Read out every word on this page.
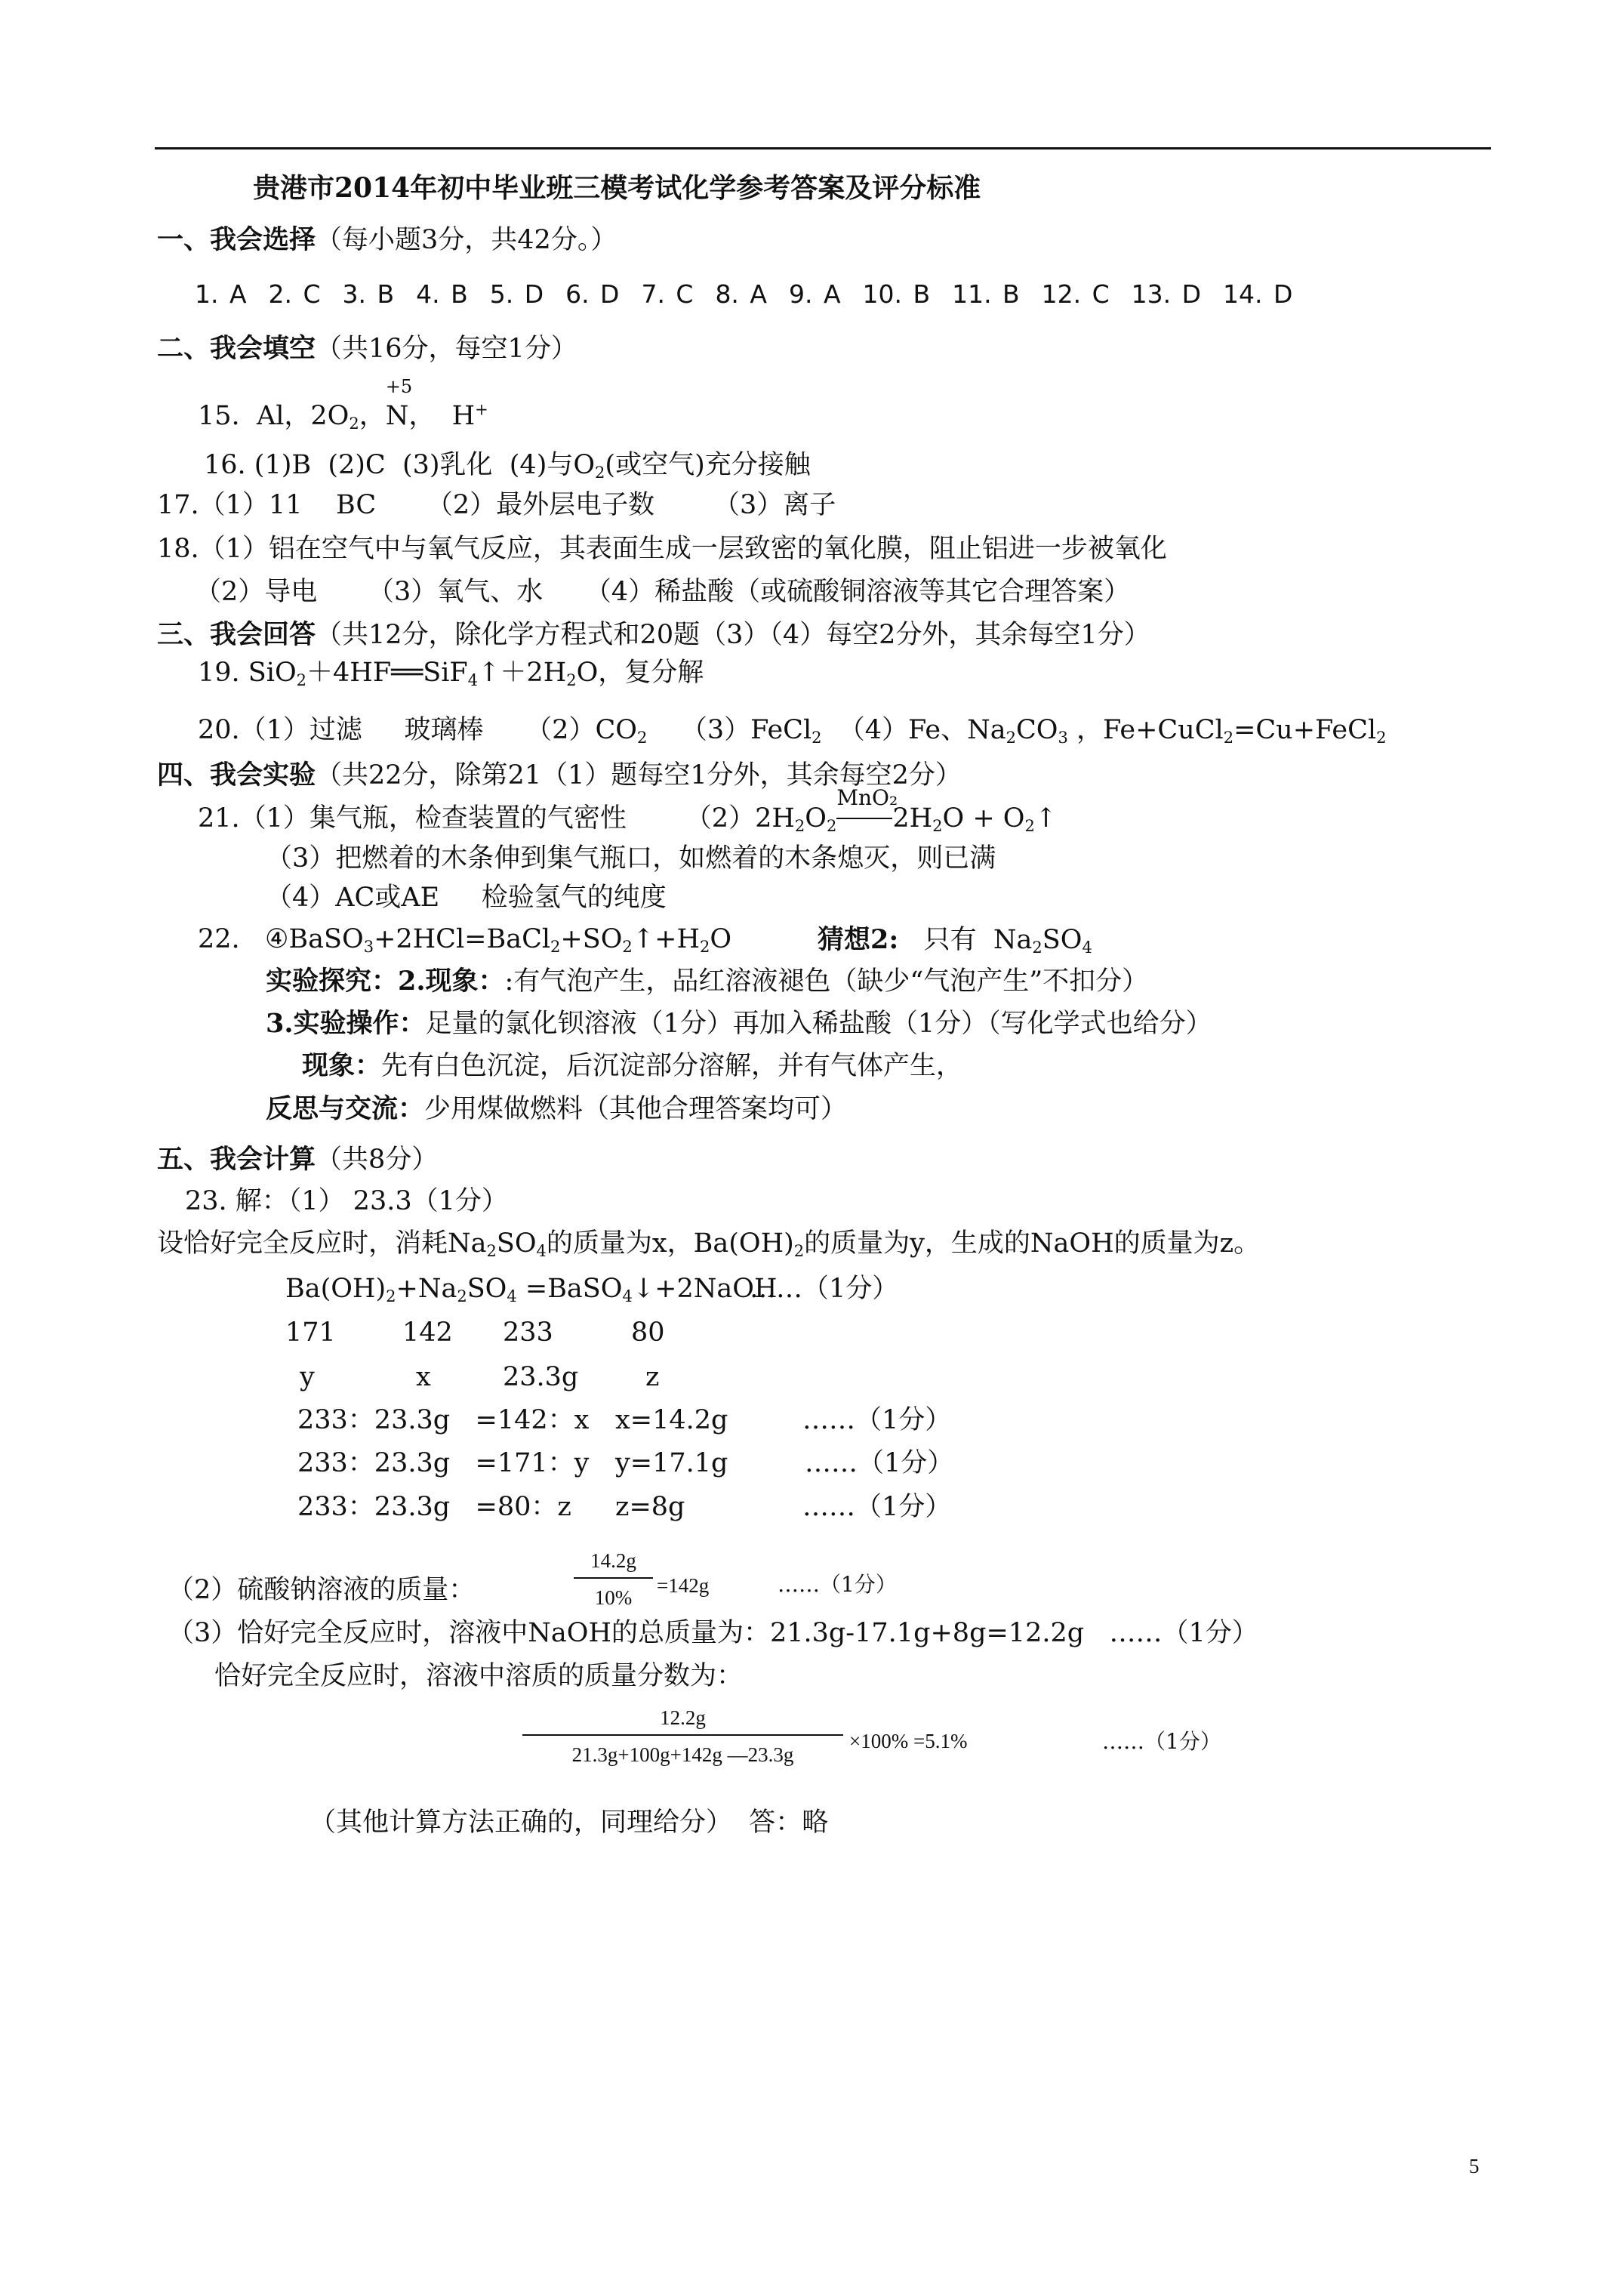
贵港市2014年初中毕业班三模考试化学参考答案及评分标准
一、我会选择（每小题3分，共42分。）
1. A  2. C  3. B  4. B  5. D  6. D  7. C  8. A  9. A  10. B  11. B  12. C  13. D  14. D
二、我会填空（共16分，每空1分）
15. Al，$2O_2$，
+5
N，  H+
16. (1)B  (2)C  (3)乳化  (4)与$O_2$(或空气)充分接触
17.（1）11    BC      （2）最外层电子数       （3）离子
18.（1）铝在空气中与氧气反应，其表面生成一层致密的氧化膜，阻止铝进一步被氧化
（2）导电      （3）氧气、水     （4）稀盐酸（或硫酸铜溶液等其它合理答案）
三、我会回答（共12分，除化学方程式和20题（3）（4）每空2分外，其余每空1分）
19. $SiO_2+4HF══SiF_4↑+2H_2O$，复分解
20.（1）过滤     玻璃棒     $(2)CO_2$    （3）FeCl$_2$  （4）Fe、$Na_2CO_3$ ，Fe+CuCl$_2$=Cu+FeCl$_2$
四、我会实验（共22分，除第21（1）题每空1分外，其余每空2分）
21.（1）集气瓶，检查装置的气密性       $(2)2H_2O_2$
MnO₂
$2H_2O$ + $O_2↑$
（3）把燃着的木条伸到集气瓶口，如燃着的木条熄灭，则已满
（4）AC或AE     检验氢气的纯度
22.   $④BaSO_3+2HCl=BaCl_2+SO_2↑+H_2O$	猜想2:   只有  $Na_2SO_4$
实验探究：2.现象：:有气泡产生，品红溶液褪色（缺少“气泡产生”不扣分）
3.实验操作：足量的氯化钡溶液（1分）再加入稀盐酸（1分）（写化学式也给分）
现象：先有白色沉淀，后沉淀部分溶解，并有气体产生，
反思与交流：少用煤做燃料（其他合理答案均可）
五、我会计算（共8分）
23. 解：（1） 23.3（1分）
设恰好完全反应时，消耗$Na_2SO_4$的质量为x，$Ba(OH)_2$的质量为y，生成的NaOH的质量为z。
$Ba(OH)_2+Na_2SO_4$ =BaSO$_4$↓+2NaOH
……（1分）
171	142 233	80
y	x	23.3g	z
233：23.3g   =142：x x=14.2g	……（1分）
233：23.3g   =171：y y=17.1g	……（1分）
233：23.3g   =80：z z=8g	……（1分）
（2）硫酸钠溶液的质量：
14.2g
10%
=142g	……（1分）
（3）恰好完全反应时，溶液中NaOH的总质量为：21.3g-17.1g+8g=12.2g   ……（1分）
恰好完全反应时，溶液中溶质的质量分数为：
12.2g
21.3g+100g+142g —23.3g
×100% =5.1%	……（1分）
（其他计算方法正确的，同理给分）  答：略
5
